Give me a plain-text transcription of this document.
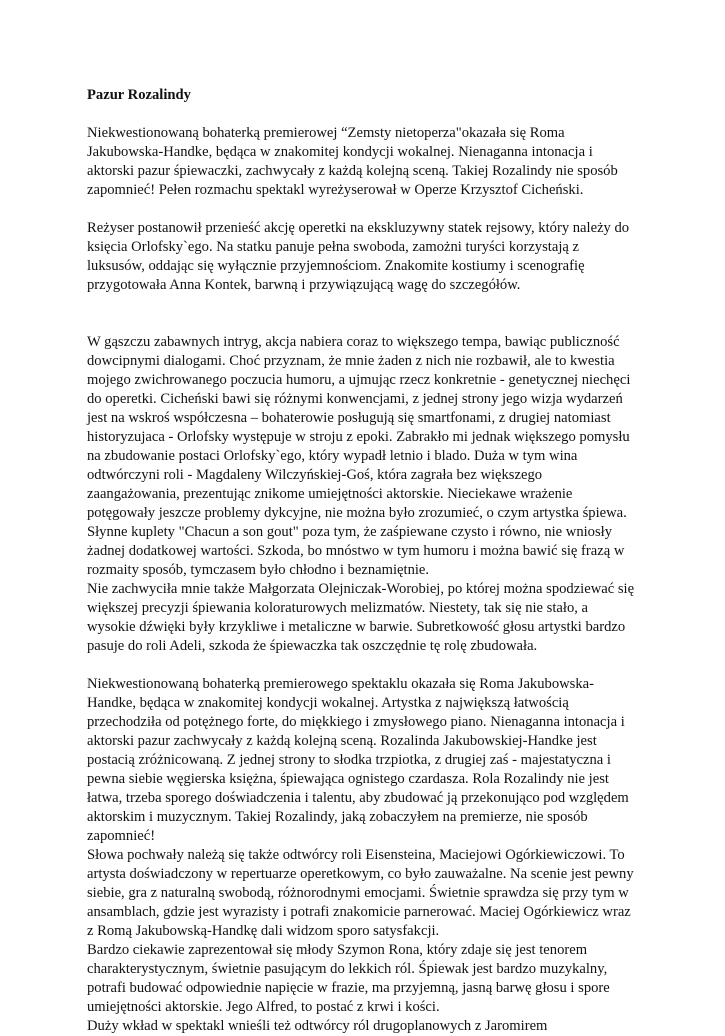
Pazur Rozalindy

Niekwestionowaną bohaterką premierowej “Zemsty nietoperza"okazała się Roma
Jakubowska-Handke, będąca w znakomitej kondycji wokalnej. Nienaganna intonacja i
aktorski pazur śpiewaczki, zachwycały z każdą kolejną sceną. Takiej Rozalindy nie sposób
zapomnieć! Pełen rozmachu spektakl wyreżyserował w Operze Krzysztof Cicheński.

Reżyser postanowił przenieść akcję operetki na ekskluzywny statek rejsowy, który należy do
księcia Orlofsky`ego. Na statku panuje pełna swoboda, zamożni turyści korzystają z
luksusów, oddając się wyłącznie przyjemnościom. Znakomite kostiumy i scenografię
przygotowała Anna Kontek, barwną i przywiązującą wagę do szczegółów.

W gąszczu zabawnych intryg, akcja nabiera coraz to większego tempa, bawiąc publiczność
dowcipnymi dialogami. Choć przyznam, że mnie żaden z nich nie rozbawił, ale to kwestia
mojego zwichrowanego poczucia humoru, a ujmując rzecz konkretnie - genetycznej niechęci
do operetki. Cicheński bawi się różnymi konwencjami, z jednej strony jego wizja wydarzeń
jest na wskroś współczesna – bohaterowie posługują się smartfonami, z drugiej natomiast
historyzujaca - Orlofsky występuje w stroju z epoki. Zabrakło mi jednak większego pomysłu
na zbudowanie postaci Orlofsky`ego, który wypadł letnio i blado. Duża w tym wina
odtwórczyni roli - Magdaleny Wilczyńskiej-Goś, która zagrała bez większego
zaangażowania, prezentując znikome umiejętności aktorskie. Nieciekawe wrażenie
potęgowały jeszcze problemy dykcyjne, nie można było zrozumieć, o czym artystka śpiewa.
Słynne kuplety "Chacun a son gout" poza tym, że zaśpiewane czysto i równo, nie wniosły
żadnej dodatkowej wartości. Szkoda, bo mnóstwo w tym humoru i można bawić się frazą w
rozmaity sposób, tymczasem było chłodno i beznamiętnie.
Nie zachwyciła mnie także Małgorzata Olejniczak-Worobiej, po której można spodziewać się
większej precyzji śpiewania koloraturowych melizmatów. Niestety, tak się nie stało, a
wysokie dźwięki były krzykliwe i metaliczne w barwie. Subretkowość głosu artystki bardzo
pasuje do roli Adeli, szkoda że śpiewaczka tak oszczędnie tę rolę zbudowała.

Niekwestionowaną bohaterką premierowego spektaklu okazała się Roma Jakubowska-
Handke, będąca w znakomitej kondycji wokalnej. Artystka z największą łatwością
przechodziła od potężnego forte, do miękkiego i zmysłowego piano. Nienaganna intonacja i
aktorski pazur zachwycały z każdą kolejną sceną. Rozalinda Jakubowskiej-Handke jest
postacią zróżnicowaną. Z jednej strony to słodka trzpiotka, z drugiej zaś - majestatyczna i
pewna siebie węgierska księżna, śpiewająca ognistego czardasza. Rola Rozalindy nie jest
łatwa, trzeba sporego doświadczenia i talentu, aby zbudować ją przekonująco pod względem
aktorskim i muzycznym. Takiej Rozalindy, jaką zobaczyłem na premierze, nie sposób
zapomnieć!
Słowa pochwały należą się także odtwórcy roli Eisensteina, Maciejowi Ogórkiewiczowi. To
artysta doświadczony w repertuarze operetkowym, co było zauważalne. Na scenie jest pewny
siebie, gra z naturalną swobodą, różnorodnymi emocjami. Świetnie sprawdza się przy tym w
ansamblach, gdzie jest wyrazisty i potrafi znakomicie parnerować. Maciej Ogórkiewicz wraz
z Romą Jakubowską-Handkę dali widzom sporo satysfakcji.
Bardzo ciekawie zaprezentował się młody Szymon Rona, który zdaje się jest tenorem
charakterystycznym, świetnie pasującym do lekkich ról. Śpiewak jest bardzo muzykalny,
potrafi budować odpowiednie napięcie w frazie, ma przyjemną, jasną barwę głosu i spore
umiejętności aktorskie. Jego Alfred, to postać z krwi i kości.
Duży wkład w spektakl wnieśli też odtwórcy ról drugoplanowych z Jaromirem
